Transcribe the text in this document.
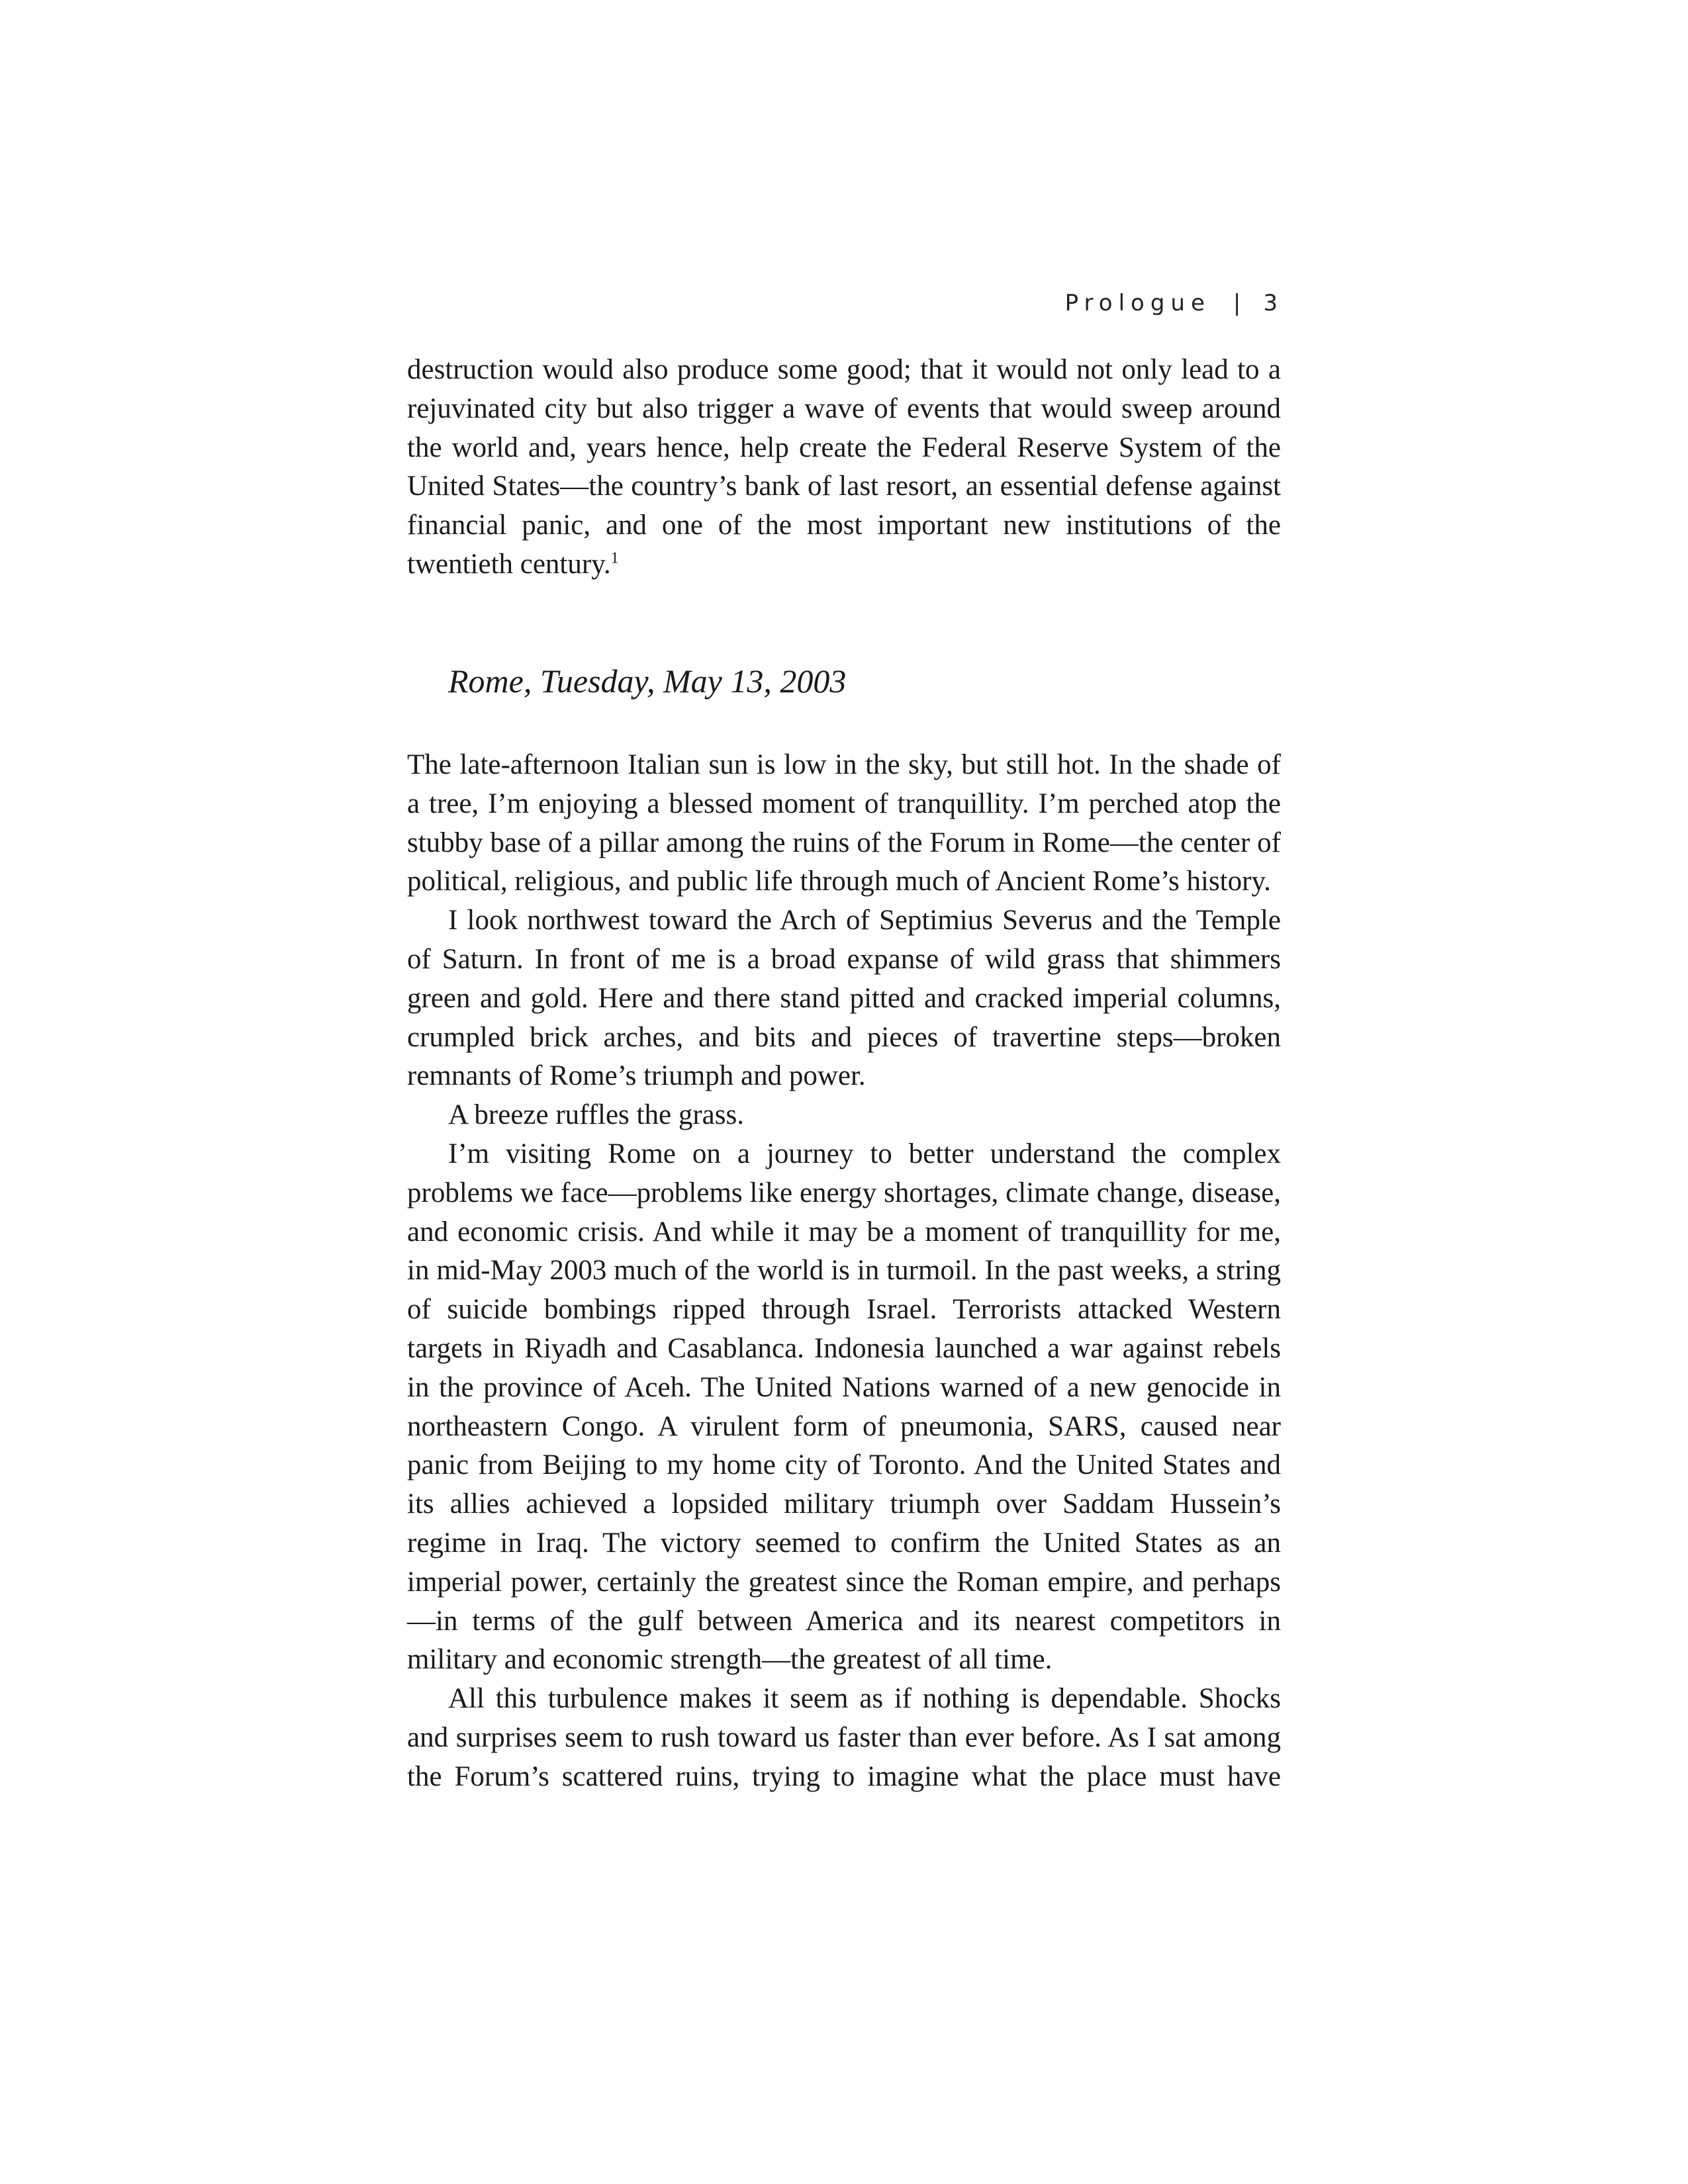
Prologue | 3

destruction would also produce some good; that it would not only lead to a rejuvinated city but also trigger a wave of events that would sweep around the world and, years hence, help create the Federal Reserve System of the United States—the country’s bank of last resort, an essential defense against financial panic, and one of the most important new institutions of the twentieth century.$^1$

Rome, Tuesday, May 13, 2003

The late-afternoon Italian sun is low in the sky, but still hot. In the shade of a tree, I’m enjoying a blessed moment of tranquillity. I’m perched atop the stubby base of a pillar among the ruins of the Forum in Rome—the center of political, religious, and public life through much of Ancient Rome’s history.

I look northwest toward the Arch of Septimius Severus and the Temple of Saturn. In front of me is a broad expanse of wild grass that shimmers green and gold. Here and there stand pitted and cracked imperial columns, crumpled brick arches, and bits and pieces of travertine steps—broken remnants of Rome’s triumph and power.

A breeze ruffles the grass.

I’m visiting Rome on a journey to better understand the complex problems we face—problems like energy shortages, climate change, disease, and economic crisis. And while it may be a moment of tranquillity for me, in mid-May 2003 much of the world is in turmoil. In the past weeks, a string of suicide bombings ripped through Israel. Terrorists attacked Western targets in Riyadh and Casablanca. Indonesia launched a war against rebels in the province of Aceh. The United Nations warned of a new genocide in northeastern Congo. A virulent form of pneumonia, SARS, caused near panic from Beijing to my home city of Toronto. And the United States and its allies achieved a lopsided military triumph over Saddam Hussein’s regime in Iraq. The victory seemed to confirm the United States as an imperial power, certainly the greatest since the Roman empire, and perhaps—in terms of the gulf between America and its nearest competitors in military and economic strength—the greatest of all time.

All this turbulence makes it seem as if nothing is dependable. Shocks and surprises seem to rush toward us faster than ever before. As I sat among the Forum’s scattered ruins, trying to imagine what the place must have
